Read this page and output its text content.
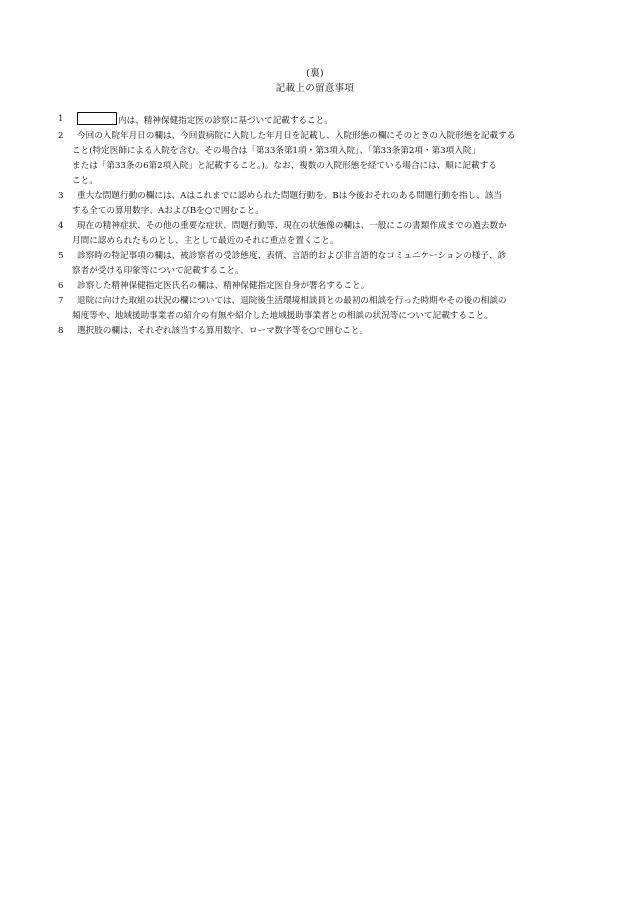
(裏)
記載上の留意事項
1	内は、精神保健指定医の診察に基づいて記載すること。
2	今回の入院年月日の欄は、今回貴病院に入院した年月日を記載し、入院形態の欄にそのときの入院形態を記載する
こと(特定医師による入院を含む。その場合は「第33条第1項・第3項入院」、「第33条第2項・第3項入院」
または「第33条の6第2項入院」と記載すること。)。なお、複数の入院形態を経ている場合には、順に記載する
こと。
3	重大な問題行動の欄には、Aはこれまでに認められた問題行動を、Bは今後おそれのある問題行動を指し、該当
する全ての算用数字、AおよびBを○で囲むこと。
4	現在の精神症状、その他の重要な症状、問題行動等、現在の状態像の欄は、一般にこの書類作成までの過去数か
月間に認められたものとし、主として最近のそれに重点を置くこと。
5	診察時の特記事項の欄は、被診察者の受診態度、表情、言語的および非言語的なコミュニケーションの様子、診
察者が受ける印象等について記載すること。
6	診察した精神保健指定医氏名の欄は、精神保健指定医自身が署名すること。
7	退院に向けた取組の状況の欄については、退院後生活環境相談員との最初の相談を行った時期やその後の相談の
頻度等や、地域援助事業者の紹介の有無や紹介した地域援助事業者との相談の状況等について記載すること。
8	選択肢の欄は、それぞれ該当する算用数字、ローマ数字等を○で囲むこと。
